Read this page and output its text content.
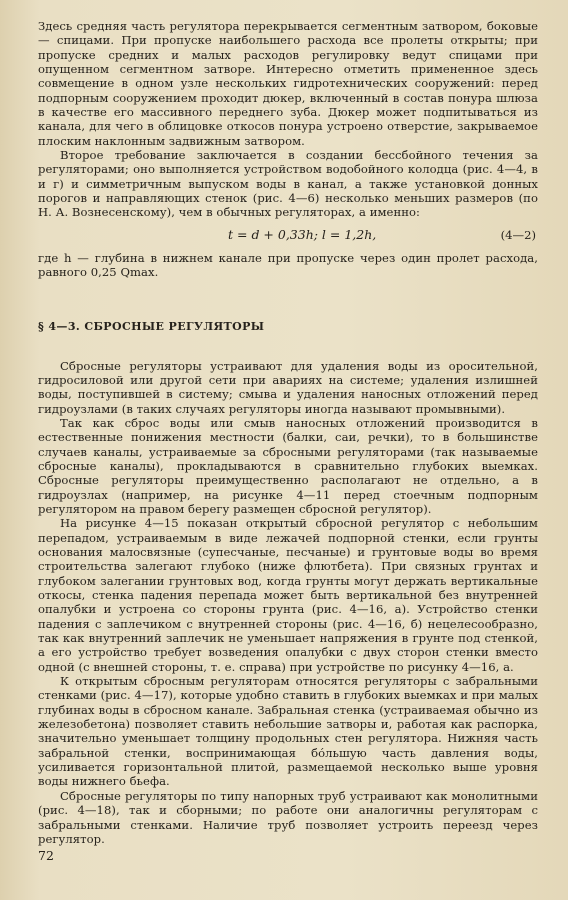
Здесь средняя часть регулятора перекрывается сегментным затвором, боковые — спицами. При пропуске наибольшего расхода все пролеты открыты; при пропуске средних и малых расходов регулировку ведут спицами при опущенном сегментном затворе. Интересно отметить примененное здесь совмещение в одном узле нескольких гидротехнических сооружений: перед подпорным сооружением проходит дюкер, включенный в состав понура шлюза в качестве его массивного переднего зуба. Дюкер может подпитываться из канала, для чего в облицовке откосов понура устроено отверстие, закрываемое плоским наклонным задвижным затвором.

Второе требование заключается в создании бессбойного течения за регуляторами; оно выполняется устройством водобойного колодца (рис. 4—4, в и г) и симметричным выпуском воды в канал, а также установкой донных порогов и направляющих стенок (рис. 4—6) несколько меньших размеров (по Н. А. Вознесенскому), чем в обычных регуляторах, а именно:

t = d + 0,33h; l = 1,2h,	(4—2)

где h — глубина в нижнем канале при пропуске через один пролет расхода, равного 0,25 Qmax.

§ 4—3. СБРОСНЫЕ РЕГУЛЯТОРЫ

Сбросные регуляторы устраивают для удаления воды из оросительной, гидросиловой или другой сети при авариях на системе; удаления излишней воды, поступившей в систему; смыва и удаления наносных отложений перед гидроузлами (в таких случаях регуляторы иногда называют промывными).

Так как сброс воды или смыв наносных отложений производится в естественные понижения местности (балки, саи, речки), то в большинстве случаев каналы, устраиваемые за сбросными регуляторами (так называемые сбросные каналы), прокладываются в сравнительно глубоких выемках. Сбросные регуляторы преимущественно располагают не отдельно, а в гидроузлах (например, на рисунке 4—11 перед стоечным подпорным регулятором на правом берегу размещен сбросной регулятор).

На рисунке 4—15 показан открытый сбросной регулятор с небольшим перепадом, устраиваемым в виде лежачей подпорной стенки, если грунты основания малосвязные (супесчаные, песчаные) и грунтовые воды во время строительства залегают глубоко (ниже флютбета). При связных грунтах и глубоком залегании грунтовых вод, когда грунты могут держать вертикальные откосы, стенка падения перепада может быть вертикальной без внутренней опалубки и устроена со стороны грунта (рис. 4—16, а). Устройство стенки падения с заплечиком с внутренней стороны (рис. 4—16, б) нецелесообразно, так как внутренний заплечик не уменьшает напряжения в грунте под стенкой, а его устройство требует возведения опалубки с двух сторон стенки вместо одной (с внешней стороны, т. е. справа) при устройстве по рисунку 4—16, а.

К открытым сбросным регуляторам относятся регуляторы с забральными стенками (рис. 4—17), которые удобно ставить в глубоких выемках и при малых глубинах воды в сбросном канале. Забральная стенка (устраиваемая обычно из железобетона) позволяет ставить небольшие затворы и, работая как распорка, значительно уменьшает толщину продольных стен регулятора. Нижняя часть забральной стенки, воспринимающая бо́льшую часть давления воды, усиливается горизонтальной плитой, размещаемой несколько выше уровня воды нижнего бьефа.

Сбросные регуляторы по типу напорных труб устраивают как монолитными (рис. 4—18), так и сборными; по работе они аналогичны регуляторам с забральными стенками. Наличие труб позволяет устроить переезд через регулятор.

72
